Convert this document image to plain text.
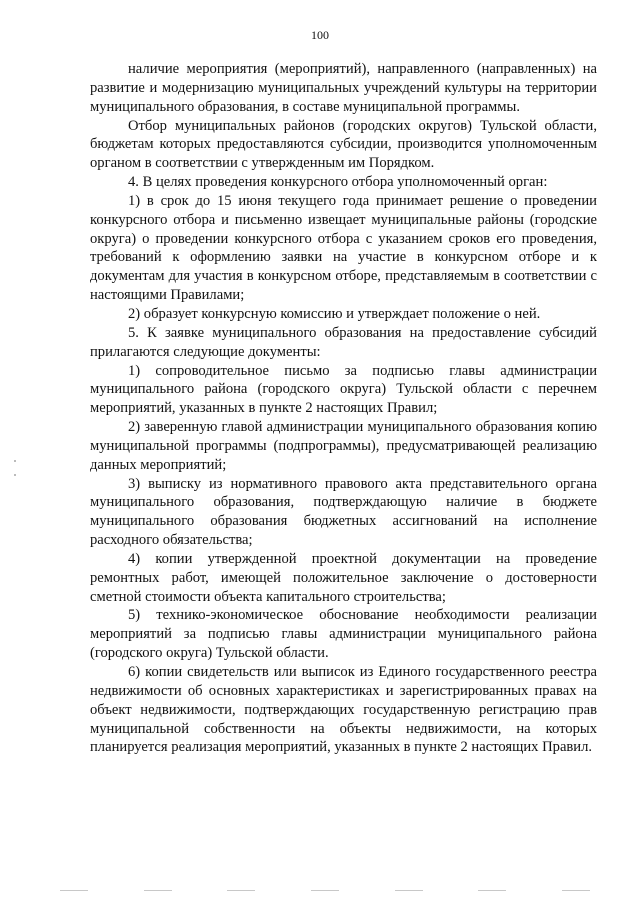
100

наличие мероприятия (мероприятий), направленного (направленных) на развитие и модернизацию муниципальных учреждений культуры на территории муниципального образования, в составе муниципальной программы.

Отбор муниципальных районов (городских округов) Тульской области, бюджетам которых предоставляются субсидии, производится уполномоченным органом в соответствии с утвержденным им Порядком.

4. В целях проведения конкурсного отбора уполномоченный орган:

1) в срок до 15 июня текущего года принимает решение о проведении конкурсного отбора и письменно извещает муниципальные районы (городские округа) о проведении конкурсного отбора с указанием сроков его проведения, требований к оформлению заявки на участие в конкурсном отборе и к документам для участия в конкурсном отборе, представляемым в соответствии с настоящими Правилами;

2) образует конкурсную комиссию и утверждает положение о ней.

5. К заявке муниципального образования на предоставление субсидий прилагаются следующие документы:

1) сопроводительное письмо за подписью главы администрации муниципального района (городского округа) Тульской области с перечнем мероприятий, указанных в пункте 2 настоящих Правил;

2) заверенную главой администрации муниципального образования копию муниципальной программы (подпрограммы), предусматривающей реализацию данных мероприятий;

3) выписку из нормативного правового акта представительного органа муниципального образования, подтверждающую наличие в бюджете муниципального образования бюджетных ассигнований на исполнение расходного обязательства;

4) копии утвержденной проектной документации на проведение ремонтных работ, имеющей положительное заключение о достоверности сметной стоимости объекта капитального строительства;

5) технико-экономическое обоснование необходимости реализации мероприятий за подписью главы администрации муниципального района (городского округа) Тульской области.

6) копии свидетельств или выписок из Единого государственного реестра недвижимости об основных характеристиках и зарегистрированных правах на объект недвижимости, подтверждающих государственную регистрацию прав муниципальной собственности на объекты недвижимости, на которых планируется реализация мероприятий, указанных в пункте 2 настоящих Правил.
